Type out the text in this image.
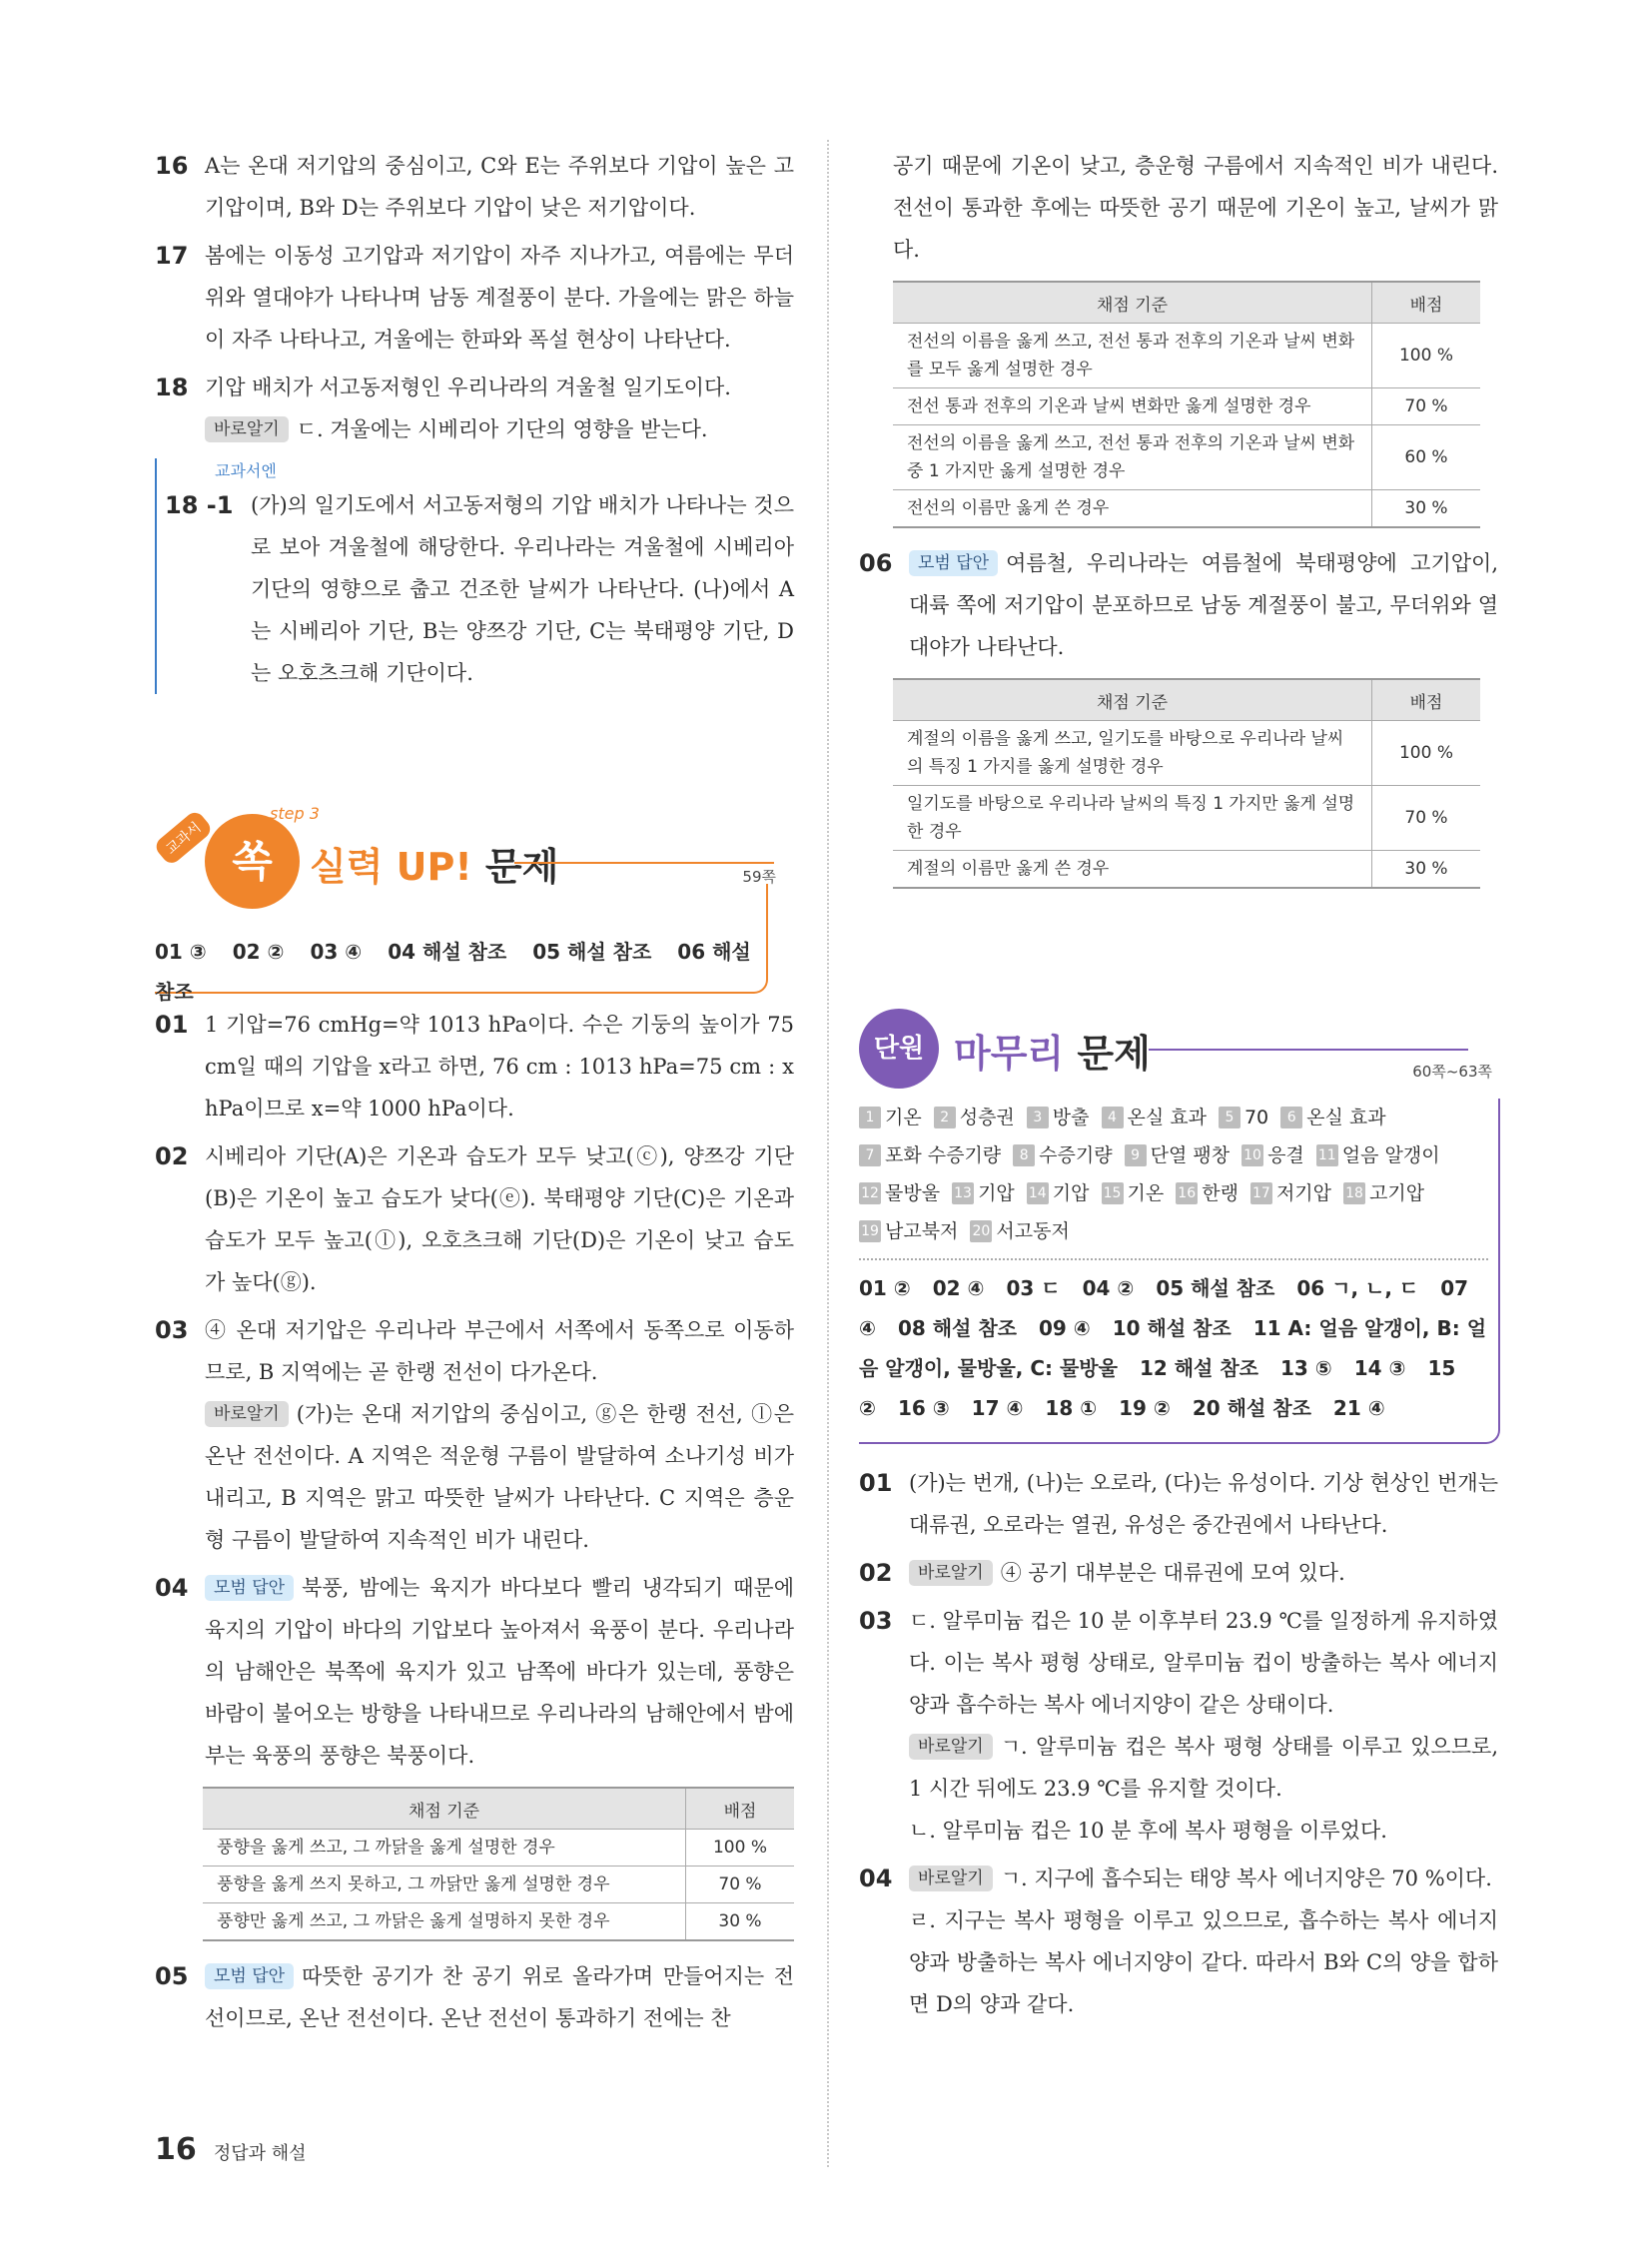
16 A는 온대 저기압의 중심이고, C와 E는 주위보다 기압이 높은 고기압이며, B와 D는 주위보다 기압이 낮은 저기압이다.

17 봄에는 이동성 고기압과 저기압이 자주 지나가고, 여름에는 무더위와 열대야가 나타나며 남동 계절풍이 분다. 가을에는 맑은 하늘이 자주 나타나고, 겨울에는 한파와 폭설 현상이 나타난다.

18 기압 배치가 서고동저형인 우리나라의 겨울철 일기도이다.

바로알기 ㄷ. 겨울에는 시베리아 기단의 영향을 받는다.

교과서엔
18 -1 (가)의 일기도에서 서고동저형의 기압 배치가 나타나는 것으로 보아 겨울철에 해당한다. 우리나라는 겨울철에 시베리아 기단의 영향으로 춥고 건조한 날씨가 나타난다. (나)에서 A는 시베리아 기단, B는 양쯔강 기단, C는 북태평양 기단, D는 오호츠크해 기단이다.

교과서 쏙
step 3
실력 UP! 문제	59쪽
01 ③ 02 ② 03 ④ 04 해설 참조 05 해설 참조 06 해설 참조
01 1 기압=76 cmHg=약 1013 hPa이다. 수은 기둥의 높이가 75 cm일 때의 기압을 x라고 하면, 76 cm : 1013 hPa=75 cm : x hPa이므로 x=약 1000 hPa이다.

02 시베리아 기단(A)은 기온과 습도가 모두 낮고(ⓒ), 양쯔강 기단(B)은 기온이 높고 습도가 낮다(ⓔ). 북태평양 기단(C)은 기온과 습도가 모두 높고(ⓛ), 오호츠크해 기단(D)은 기온이 낮고 습도가 높다(ⓖ).

03 ④ 온대 저기압은 우리나라 부근에서 서쪽에서 동쪽으로 이동하므로, B 지역에는 곧 한랭 전선이 다가온다.

바로알기 (가)는 온대 저기압의 중심이고, ⓖ은 한랭 전선, ⓛ은 온난 전선이다. A 지역은 적운형 구름이 발달하여 소나기성 비가 내리고, B 지역은 맑고 따뜻한 날씨가 나타난다. C 지역은 층운형 구름이 발달하여 지속적인 비가 내린다.

04	모범 답안 북풍, 밤에는 육지가 바다보다 빨리 냉각되기 때문에 육지의 기압이 바다의 기압보다 높아져서 육풍이 분다. 우리나라의 남해안은 북쪽에 육지가 있고 남쪽에 바다가 있는데, 풍향은 바람이 불어오는 방향을 나타내므로 우리나라의 남해안에서 밤에 부는 육풍의 풍향은 북풍이다.

채점 기준	배점
풍향을 옳게 쓰고, 그 까닭을 옳게 설명한 경우	100 %
풍향을 옳게 쓰지 못하고, 그 까닭만 옳게 설명한 경우	70 %
풍향만 옳게 쓰고, 그 까닭은 옳게 설명하지 못한 경우	30 %
05	모범 답안 따뜻한 공기가 찬 공기 위로 올라가며 만들어지는 전선이므로, 온난 전선이다. 온난 전선이 통과하기 전에는 찬

공기 때문에 기온이 낮고, 층운형 구름에서 지속적인 비가 내린다. 전선이 통과한 후에는 따뜻한 공기 때문에 기온이 높고, 날씨가 맑다.

채점 기준	배점
전선의 이름을 옳게 쓰고, 전선 통과 전후의 기온과 날씨 변화를 모두 옳게 설명한 경우	100 %
전선 통과 전후의 기온과 날씨 변화만 옳게 설명한 경우	70 %
전선의 이름을 옳게 쓰고, 전선 통과 전후의 기온과 날씨 변화 중 1 가지만 옳게 설명한 경우	60 %
전선의 이름만 옳게 쓴 경우	30 %
06	모범 답안 여름철, 우리나라는 여름철에 북태평양에 고기압이, 대륙 쪽에 저기압이 분포하므로 남동 계절풍이 불고, 무더위와 열대야가 나타난다.

채점 기준	배점
계절의 이름을 옳게 쓰고, 일기도를 바탕으로 우리나라 날씨의 특징 1 가지를 옳게 설명한 경우	100 %
일기도를 바탕으로 우리나라 날씨의 특징 1 가지만 옳게 설명한 경우	70 %
계절의 이름만 옳게 쓴 경우	30 %
단원 마무리 문제	60쪽~63쪽
1 기온 2 성층권 3 방출 4 온실 효과 5 70 6 온실 효과7 포화 수증기량 8 수증기량 9 단열 팽창 10 응결 11 얼음 알갱이12 물방울 13 기압 14 기압 15 기온 16 한랭 17 저기압 18 고기압19 남고북저 20 서고동저
01 ② 02 ④ 03 ㄷ 04 ② 05 해설 참조 06 ㄱ, ㄴ, ㄷ 07 ④ 08 해설 참조 09 ④ 10 해설 참조 11 A: 얼음 알갱이, B: 얼음 알갱이, 물방울, C: 물방울 12 해설 참조 13 ⑤ 14 ③ 15 ② 16 ③ 17 ④ 18 ① 19 ② 20 해설 참조 21 ④
01 (가)는 번개, (나)는 오로라, (다)는 유성이다. 기상 현상인 번개는 대류권, 오로라는 열권, 유성은 중간권에서 나타난다.

02	바로알기 ④ 공기 대부분은 대류권에 모여 있다.

03 ㄷ. 알루미늄 컵은 10 분 이후부터 23.9 ℃를 일정하게 유지하였다. 이는 복사 평형 상태로, 알루미늄 컵이 방출하는 복사 에너지양과 흡수하는 복사 에너지양이 같은 상태이다.

바로알기 ㄱ. 알루미늄 컵은 복사 평형 상태를 이루고 있으므로, 1 시간 뒤에도 23.9 ℃를 유지할 것이다.

ㄴ. 알루미늄 컵은 10 분 후에 복사 평형을 이루었다.

04	바로알기 ㄱ. 지구에 흡수되는 태양 복사 에너지양은 70 %이다.

ㄹ. 지구는 복사 평형을 이루고 있으므로, 흡수하는 복사 에너지양과 방출하는 복사 에너지양이 같다. 따라서 B와 C의 양을 합하면 D의 양과 같다.

16 정답과 해설
